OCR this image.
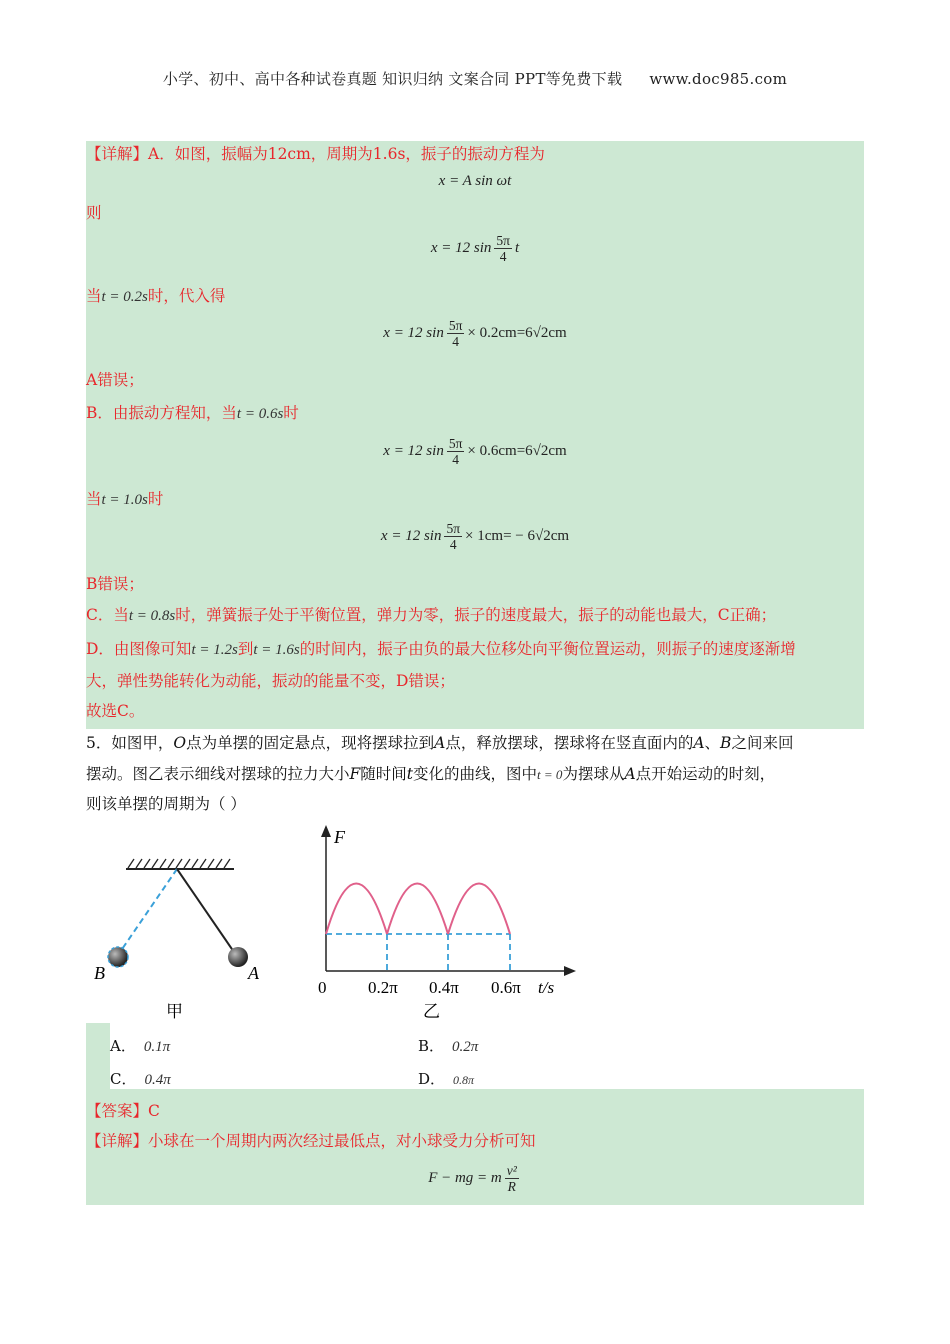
小学、初中、高中各种试卷真题 知识归纳 文案合同 PPT等免费下载 www.doc985.com
【详解】A．如图，振幅为12cm，周期为1.6s，振子的振动方程为
x = A sin ωt
则
x = 12 $\sin \frac{5\pi}{4}$ t
当t = 0.2s时，代入得
x = 12 $\sin \frac{5\pi}{4} \times 0.2cm=6√2cm$
A错误；
B．由振动方程知，当t = 0.6s时
x = 12 $\sin \frac{5\pi}{4} \times 0.6cm=6√2cm$
当t = 1.0s时
x = 12 $\sin \frac{5\pi}{4} \times 1cm= - 6√2cm$
B错误；
C．当t = 0.8s时，弹簧振子处于平衡位置，弹力为零，振子的速度最大，振子的动能也最大，C正确；
D．由图像可知t = 1.2s到t = 1.6s的时间内，振子由负的最大位移处向平衡位置运动，则振子的速度逐渐增
大，弹性势能转化为动能，振动的能量不变，D错误；
故选C。
5．如图甲，O点为单摆的固定悬点，现将摆球拉到A点，释放摆球，摆球将在竖直面内的A、B之间来回
摆动。图乙表示细线对摆球的拉力大小F随时间t变化的曲线，图中t = 0为摆球从A点开始运动的时刻，
则该单摆的周期为（ ）
B	A
甲
F
0 0.2π 0.4π 0.6π t/s
乙
A． 0.1π	B． 0.2π
C． 0.4π	D． 0.8π
【答案】C
【详解】小球在一个周期内两次经过最低点，对小球受力分析可知
F − mg = m $\frac{\text{v²}}{R}$
